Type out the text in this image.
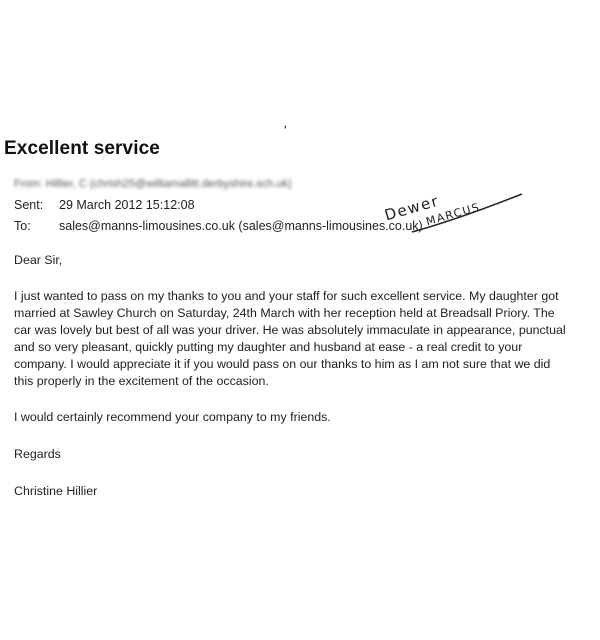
'
Excellent service
From: Hillier, C (chrish25@williamallitt.derbyshire.sch.uk)
Sent: 29 March 2012 15:12:08
To: sales@manns-limousines.co.uk (sales@manns-limousines.co.uk)
Dewer
MARCUS

Dear Sir,

I just wanted to pass on my thanks to you and your staff for such excellent service. My daughter got
married at Sawley Church on Saturday, 24th March with her reception held at Breadsall Priory. The
car was lovely but best of all was your driver. He was absolutely immaculate in appearance, punctual
and so very pleasant, quickly putting my daughter and husband at ease - a real credit to your
company. I would appreciate it if you would pass on our thanks to him as I am not sure that we did
this properly in the excitement of the occasion.

I would certainly recommend your company to my friends.

Regards

Christine Hillier
